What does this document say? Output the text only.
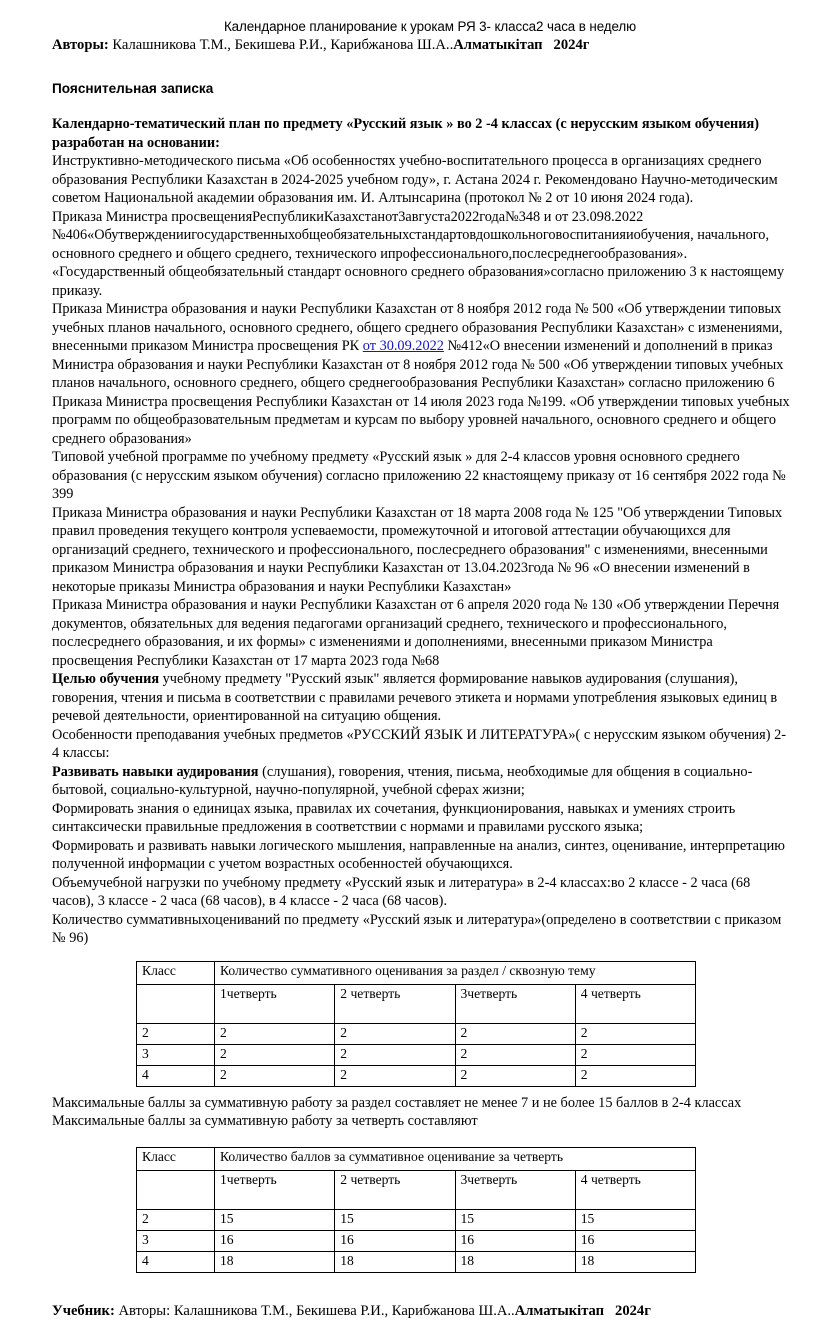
Календарное планирование к урокам РЯ 3- класса2 часа в неделю
Авторы: Калашникова Т.М., Бекишева Р.И., Карибжанова Ш.А..Алматыкітап 2024г
Пояснительная записка

Календарно-тематический план по предмету «Русский язык » во 2 -4 классах (с нерусским языком обучения) разработан на основании:

Инструктивно-методического письма «Об особенностях учебно-воспитательного процесса в организациях среднего образования Республики Казахстан в 2024-2025 учебном году», г. Астана 2024 г. Рекомендовано Научно-методическим советом Национальной академии образования им. И. Алтынсарина (протокол № 2 от 10 июня 2024 года).

Приказа Министра просвещенияРеспубликиКазахстанот3августа2022года№348 и от 23.098.2022 №406«Обутверждениигосударственныхобщеобязательныхстандартовдошкольноговоспитанияиобучения, начального, основного среднего и общего среднего, технического ипрофессионального,послесреднегообразования».

«Государственный общеобязательный стандарт основного среднего образования»согласно приложению 3 к настоящему приказу.

Приказа Министра образования и науки Республики Казахстан от 8 ноября 2012 года № 500 «Об утверждении типовых учебных планов начального, основного среднего, общего среднего образования Республики Казахстан» с изменениями, внесенными приказом Министра просвещения РК от 30.09.2022 №412«О внесении изменений и дополнений в приказ Министра образования и науки Республики Казахстан от 8 ноября 2012 года № 500 «Об утверждении типовых учебных планов начального, основного среднего, общего среднегообразования Республики Казахстан» согласно приложению 6

Приказа Министра просвещения Республики Казахстан от 14 июля 2023 года №199. «Об утверждении типовых учебных программ по общеобразовательным предметам и курсам по выбору уровней начального, основного среднего и общего среднего образования»

Типовой учебной программе по учебному предмету «Русский язык » для 2-4 классов уровня основного среднего образования (с нерусским языком обучения) согласно приложению 22 кнастоящему приказу от 16 сентября 2022 года № 399

Приказа Министра образования и науки Республики Казахстан от 18 марта 2008 года № 125 "Об утверждении Типовых правил проведения текущего контроля успеваемости, промежуточной и итоговой аттестации обучающихся для организаций среднего, технического и профессионального, послесреднего образования" с изменениями, внесенными приказом Министра образования и науки Республики Казахстан от 13.04.2023года № 96 «О внесении изменений в некоторые приказы Министра образования и науки Республики Казахстан»

Приказа Министра образования и науки Республики Казахстан от 6 апреля 2020 года № 130 «Об утверждении Перечня документов, обязательных для ведения педагогами организаций среднего, технического и профессионального, послесреднего образования, и их формы» с изменениями и дополнениями, внесенными приказом Министра просвещения Республики Казахстан от 17 марта 2023 года №68

Целью обучения учебному предмету "Русский язык" является формирование навыков аудирования (слушания), говорения, чтения и письма в соответствии с правилами речевого этикета и нормами употребления языковых единиц в речевой деятельности, ориентированной на ситуацию общения.

Особенности преподавания учебных предметов «РУССКИЙ ЯЗЫК И ЛИТЕРАТУРА»( с нерусским языком обучения) 2-4 классы:

Развивать навыки аудирования (слушания), говорения, чтения, письма, необходимые для общения в социально-бытовой, социально-культурной, научно-популярной, учебной сферах жизни;

Формировать знания о единицах языка, правилах их сочетания, функционирования, навыках и умениях строить синтаксически правильные предложения в соответствии с нормами и правилами русского языка;

Формировать и развивать навыки логического мышления, направленные на анализ, синтез, оценивание, интерпретацию полученной информации с учетом возрастных особенностей обучающихся.

Объемучебной нагрузки по учебному предмету «Русский язык и литература» в 2-4 классах:во 2 классе - 2 часа (68 часов), 3 классе - 2 часа (68 часов), в 4 классе - 2 часа (68 часов).

Количество суммативныхоцениваний по предмету «Русский язык и литература»(определено в соответствии с приказом № 96)

Класс	Количество суммативного оценивания за раздел / сквозную тему			
	1четверть	2 четверть	3четверть	4 четверть
2	2	2	2	2
3	2	2	2	2
4	2	2	2	2

Максимальные баллы за суммативную работу за раздел составляет не менее 7 и не более 15 баллов в 2-4 классах

Максимальные баллы за суммативную работу за четверть составляют

Класс	Количество баллов за суммативное оценивание за четверть			
	1четверть	2 четверть	3четверть	4 четверть
2	15	15	15	15
3	16	16	16	16
4	18	18	18	18
Учебник: Авторы: Калашникова Т.М., Бекишева Р.И., Карибжанова Ш.А..Алматыкітап 2024г
